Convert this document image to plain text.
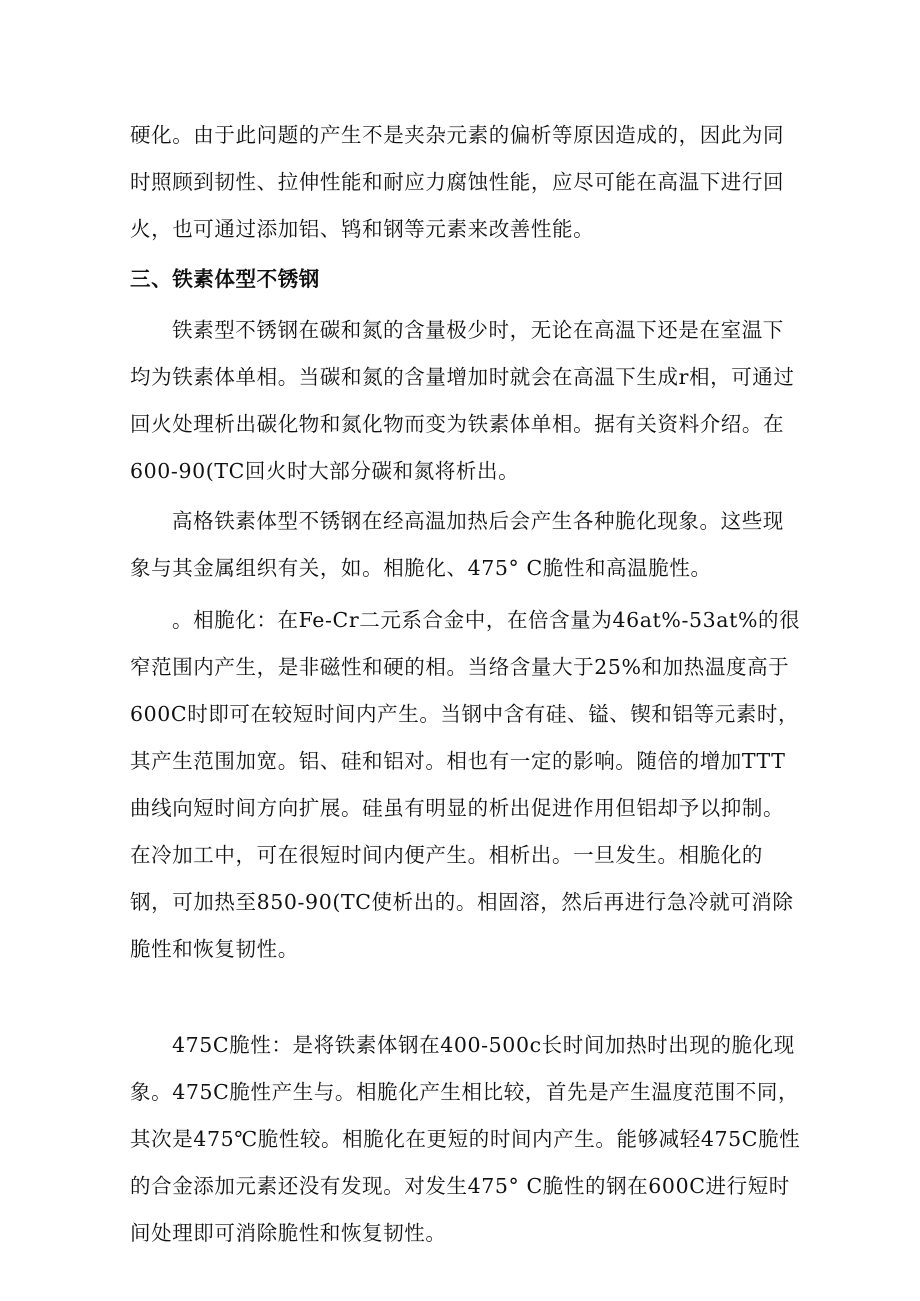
硬化。由于此问题的产生不是夹杂元素的偏析等原因造成的，因此为同时照顾到韧性、拉伸性能和耐应力腐蚀性能，应尽可能在高温下进行回火，也可通过添加铝、鸨和钢等元素来改善性能。

三、铁素体型不锈钢

铁素型不锈钢在碳和氮的含量极少时，无论在高温下还是在室温下均为铁素体单相。当碳和氮的含量增加时就会在高温下生成r相，可通过回火处理析出碳化物和氮化物而变为铁素体单相。据有关资料介绍。在600-90(TC回火时大部分碳和氮将析出。

高格铁素体型不锈钢在经高温加热后会产生各种脆化现象。这些现象与其金属组织有关，如。相脆化、475° C脆性和高温脆性。

。相脆化：在Fe-Cr二元系合金中，在倍含量为46at%-53at%的很窄范围内产生，是非磁性和硬的相。当络含量大于25%和加热温度高于600C时即可在较短时间内产生。当钢中含有硅、镒、锲和铝等元素时，其产生范围加宽。铝、硅和铝对。相也有一定的影响。随倍的增加TTT曲线向短时间方向扩展。硅虽有明显的析出促进作用但铝却予以抑制。在冷加工中，可在很短时间内便产生。相析出。一旦发生。相脆化的钢，可加热至850-90(TC使析出的。相固溶，然后再进行急冷就可消除脆性和恢复韧性。

475C脆性：是将铁素体钢在400-500c长时间加热时出现的脆化现象。475C脆性产生与。相脆化产生相比较，首先是产生温度范围不同，其次是475℃脆性较。相脆化在更短的时间内产生。能够减轻475C脆性的合金添加元素还没有发现。对发生475° C脆性的钢在600C进行短时间处理即可消除脆性和恢复韧性。
